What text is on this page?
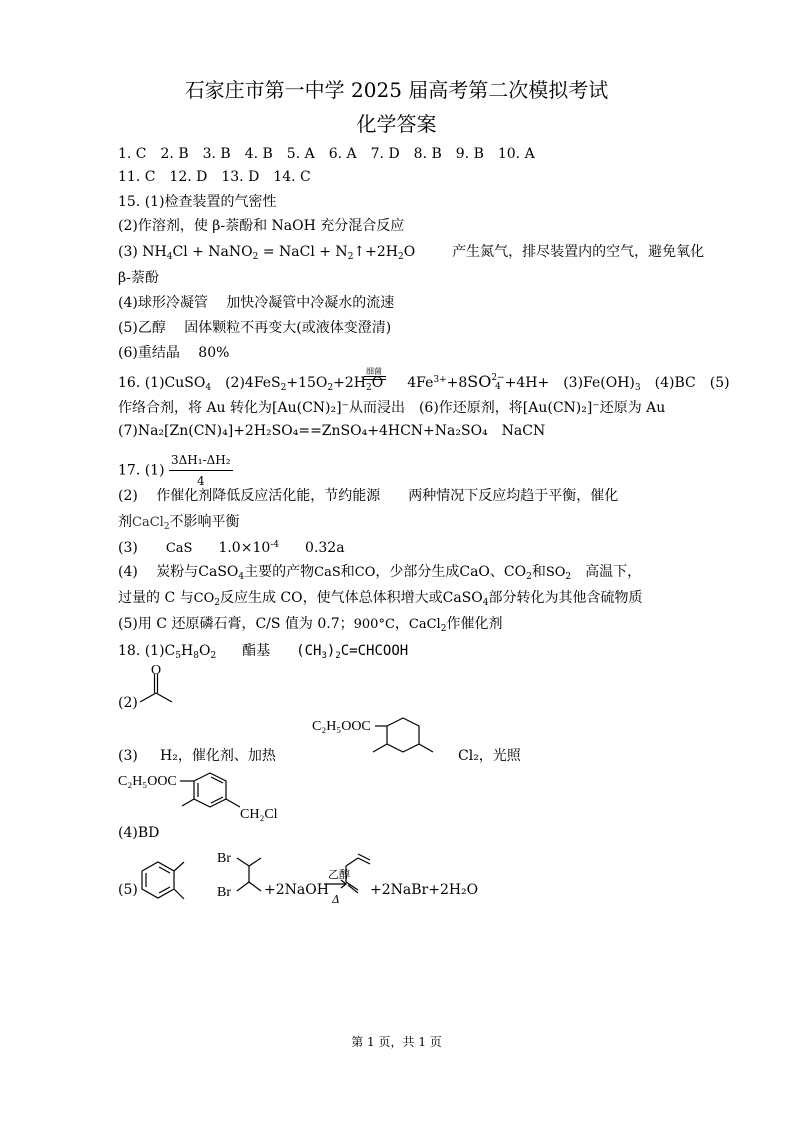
石家庄市第一中学 2025 届高考第二次模拟考试
化学答案
1. C　2. B　3. B　4. B　5. A　6. A　7. D　8. B　9. B　10. A
11. C　12. D　13. D　14. C
15. (1)检查装置的气密性
(2)作溶剂，使 β-萘酚和 NaOH 充分混合反应
(3) $NH_4Cl$ + NaNO$_2$ = NaCl + $N_2↑+2H_2O$  产生氮气，排尽装置内的空气，避免氧化
β-萘酚
(4)球形冷凝管　 加快冷凝管中冷凝水的流速
(5)乙醇　 固体颗粒不再变大(或液体变澄清)
(6)重结晶　 80%
细菌
16. (1)CuSO$_4$　$(2)4FeS_2+15O_2+2H_2O$ $4Fe^{3+}+8SO2-$
4 +4H+　$(3)Fe(OH)_3$　(4)BC　(5)
作络合剂，将 Au 转化为[Au(CN)₂]⁻从而浸出　(6)作还原剂，将[Au(CN)₂]⁻还原为 Au
(7)Na₂[Zn(CN)₄]+2H₂SO₄==ZnSO₄+4HCN+Na₂SO₄　NaCN
17. $(1) \frac{\text{3ΔH₁-ΔH₂}}{4}$
(2)　 作催化剂降低反应活化能，节约能源　　两种情况下反应均趋于平衡，催化
剂CaCl$_2$不影响平衡
(3) CaS $1.0\times 10^{-4}$ 0.32a
(4)　 炭粉与CaSO$_4$主要的产物CaS和CO，少部分生成CaO、$CO_2$和$SO_2$　高温下，
过量的 C 与$CO_2$反应生成 CO，使气体总体积增大或CaSO$_4$部分转化为其他含硫物质
(5)用 C 还原磷石膏，C/S 值为 0.7；900°C，CaCl$_2$作催化剂
18. $(1)C_5H_8O_2$ 酯基 $(CH_3)_2C=CHCOOH$
(2)
O
(3) H₂，催化剂、加热	Cl₂，光照
C₂H₅OOC
C₂H₅OOC
CH₂Cl
(4)BD
(5)
Br
Br +2NaOH
乙醇
Δ
+2NaBr+2H₂O
第 1 页，共 1 页
